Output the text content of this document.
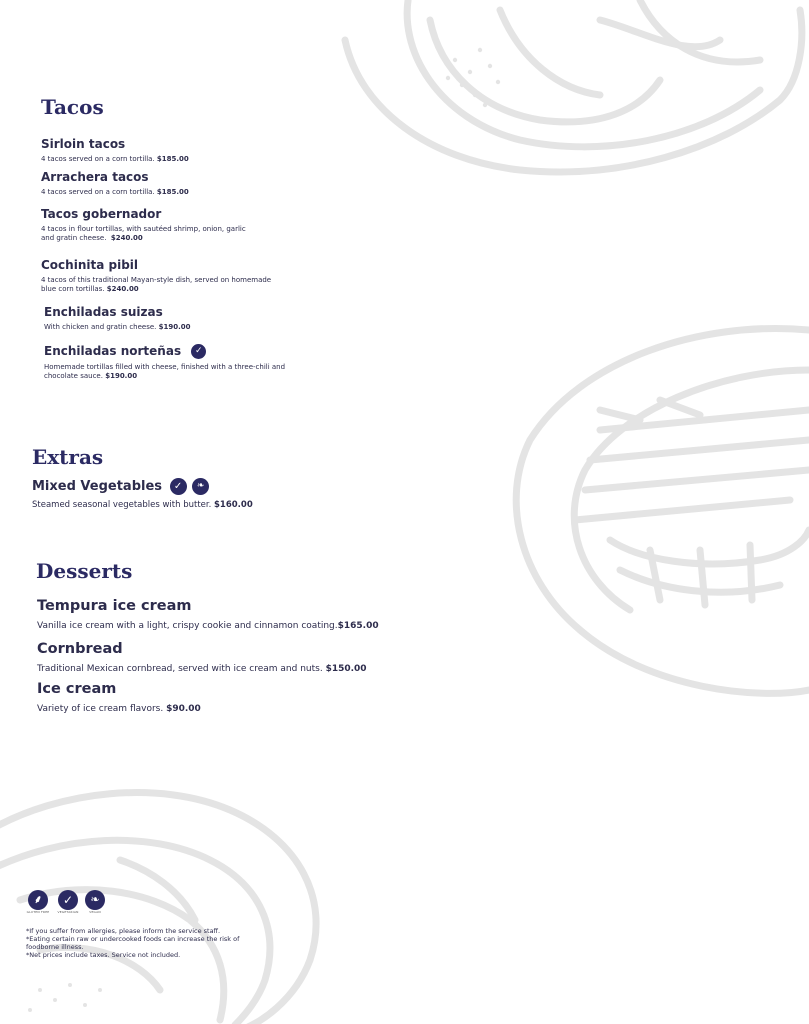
Tacos
Sirloin tacos
4 tacos served on a corn tortilla. $185.00
Arrachera tacos
4 tacos served on a corn tortilla. $185.00
Tacos gobernador
4 tacos in flour tortillas, with sautéed shrimp, onion, garlic
and gratin cheese. $240.00
Cochinita pibil
4 tacos of this traditional Mayan-style dish, served on homemade
blue corn tortillas. $240.00
Enchiladas suizas
With chicken and gratin cheese. $190.00
Enchiladas norteñas ✓
Homemade tortillas filled with cheese, finished with a three-chili and
chocolate sauce. $190.00
Extras
Mixed Vegetables ✓ ❧
Steamed seasonal vegetables with butter. $160.00
Desserts
Tempura ice cream
Vanilla ice cream with a light, crispy cookie and cinnamon coating.$165.00
Cornbread
Traditional Mexican cornbread, served with ice cream and nuts. $150.00
Ice cream
Variety of ice cream flavors. $90.00
⸙
GLUTEN FREE
✓
VEGETARIAN
❧
VEGAN
*If you suffer from allergies, please inform the service staff.
*Eating certain raw or undercooked foods can increase the risk of
foodborne illness.
*Net prices include taxes. Service not included.
